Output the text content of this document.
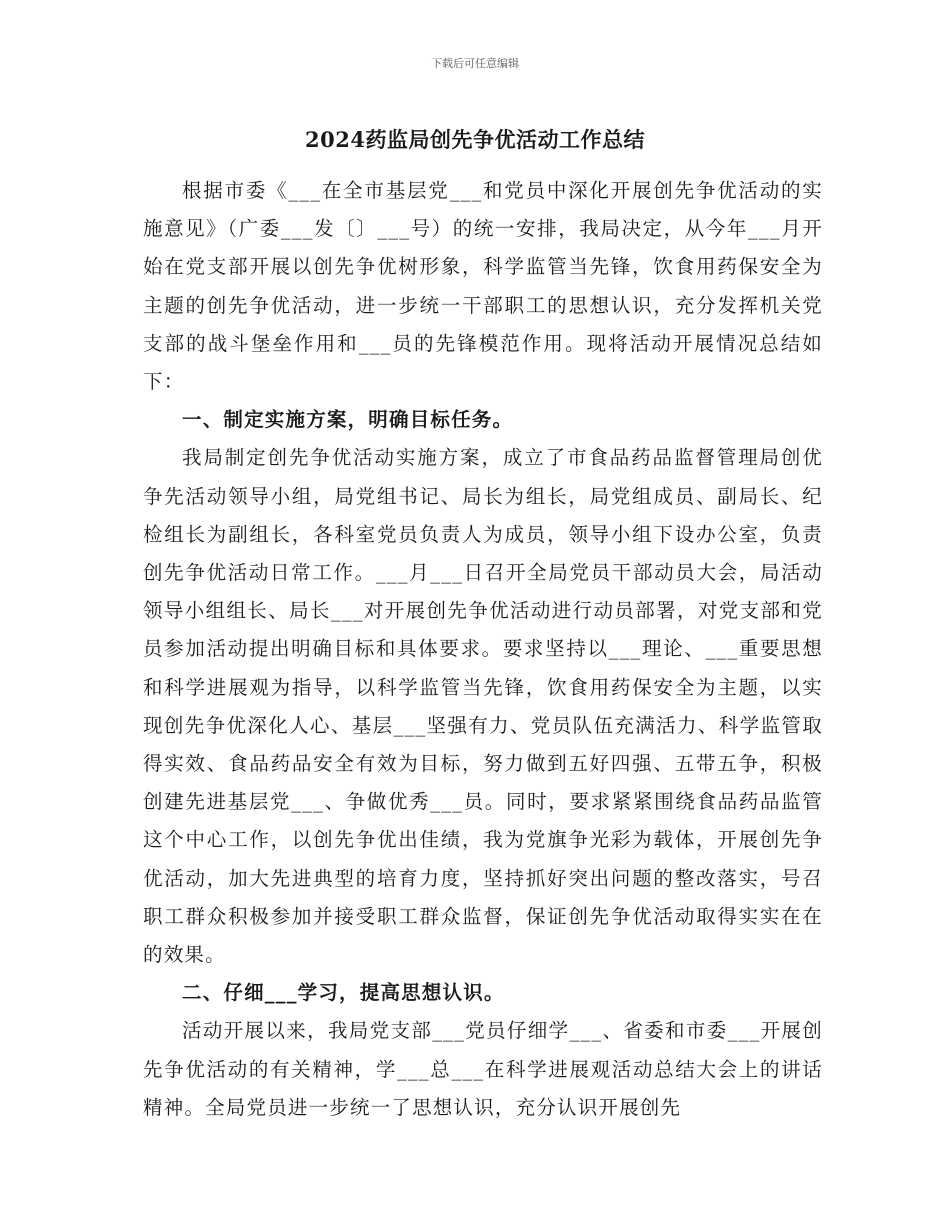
下载后可任意编辑
2024药监局创先争优活动工作总结

根据市委《___在全市基层党___和党员中深化开展创先争优活动的实施意见》（广委___发〔〕___号）的统一安排，我局决定，从今年___月开始在党支部开展以创先争优树形象，科学监管当先锋，饮食用药保安全为主题的创先争优活动，进一步统一干部职工的思想认识，充分发挥机关党支部的战斗堡垒作用和___员的先锋模范作用。现将活动开展情况总结如下：

一、制定实施方案，明确目标任务。

我局制定创先争优活动实施方案，成立了市食品药品监督管理局创优争先活动领导小组，局党组书记、局长为组长，局党组成员、副局长、纪检组长为副组长，各科室党员负责人为成员，领导小组下设办公室，负责创先争优活动日常工作。___月___日召开全局党员干部动员大会，局活动领导小组组长、局长___对开展创先争优活动进行动员部署，对党支部和党员参加活动提出明确目标和具体要求。要求坚持以___理论、___重要思想和科学进展观为指导，以科学监管当先锋，饮食用药保安全为主题，以实现创先争优深化人心、基层___坚强有力、党员队伍充满活力、科学监管取得实效、食品药品安全有效为目标，努力做到五好四强、五带五争，积极创建先进基层党___、争做优秀___员。同时，要求紧紧围绕食品药品监管这个中心工作，以创先争优出佳绩，我为党旗争光彩为载体，开展创先争优活动，加大先进典型的培育力度，坚持抓好突出问题的整改落实，号召职工群众积极参加并接受职工群众监督，保证创先争优活动取得实实在在的效果。

二、仔细___学习，提高思想认识。

活动开展以来，我局党支部___党员仔细学___、省委和市委___开展创先争优活动的有关精神，学___总___在科学进展观活动总结大会上的讲话精神。全局党员进一步统一了思想认识，充分认识开展创先
